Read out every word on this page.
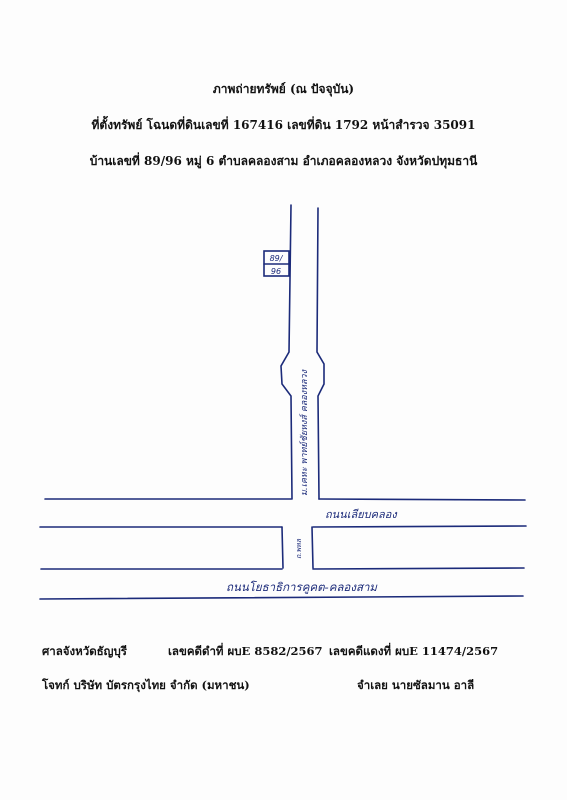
ภาพถ่ายทรัพย์ (ณ ปัจจุบัน)
ที่ตั้งทรัพย์ โฉนดที่ดินเลขที่ 167416 เลขที่ดิน 1792 หน้าสำรวจ 35091
บ้านเลขที่ 89/96 หมู่ 6 ตำบลคลองสาม อำเภอคลองหลวง จังหวัดปทุมธานี
89/
96
ม.เคหะ พาทย์ชัยหงส์ คลองหลวง
ถนนเลียบคลอง
ถ.พหล
ถนนโยธาธิการคูคต-คลองสาม
ศาลจังหวัดธัญบุรี	เลขคดีดำที่ ผบE 8582/2567 เลขคดีแดงที่ ผบE 11474/2567
โจทก์ บริษัท บัตรกรุงไทย จำกัด (มหาชน)	จำเลย นายซัลมาน อาลี
